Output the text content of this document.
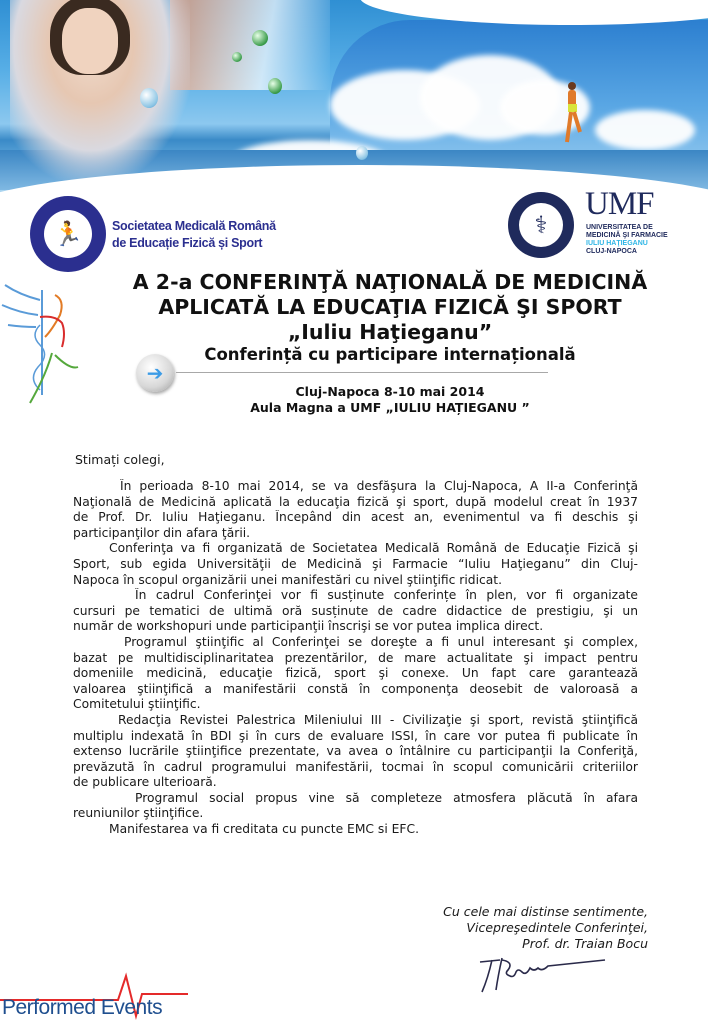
🏃	Societatea Medicală Română
de Educație Fizică și Sport
⚕
UMF
UNIVERSITATEA DE
MEDICINĂ ŞI FARMACIE
IULIU HAŢIEGANU
CLUJ-NAPOCA
A 2-a CONFERINŢĂ NAŢIONALĂ DE MEDICINĂ
APLICATĂ LA EDUCAŢIA FIZICĂ ŞI SPORT
„Iuliu Haţieganu”
Conferință cu participare internațională
➔
Cluj-Napoca 8-10 mai 2014
Aula Magna a UMF „IULIU HAȚIEGANU ”
Stimați colegi,
În perioada 8-10 mai 2014, se va desfăşura la Cluj-Napoca, A II-a Conferinţă
Naţională de Medicină aplicată la educaţia fizică şi sport, după modelul creat în 1937
de Prof. Dr. Iuliu Haţieganu. Începând din acest an, evenimentul va fi deschis şi
participanţilor din afara ţării.
Conferinţa va fi organizată de Societatea Medicală Română de Educaţie Fizică şi
Sport, sub egida Universităţii de Medicină şi Farmacie “Iuliu Haţieganu” din Cluj-
Napoca în scopul organizării unei manifestări cu nivel ştiinţific ridicat.
În cadrul Conferinţei vor fi susținute conferințe în plen, vor fi organizate
cursuri pe tematici de ultimă oră susținute de cadre didactice de prestigiu, şi un
număr de workshopuri unde participanţii înscrişi se vor putea implica direct.
Programul ştiinţific al Conferinţei se doreşte a fi unul interesant şi complex,
bazat pe multidisciplinaritatea prezentărilor, de mare actualitate şi impact pentru
domeniile medicină, educaţie fizică, sport şi conexe. Un fapt care garantează
valoarea ştiinţifică a manifestării constă în componenţa deosebit de valoroasă a
Comitetului ştiinţific.
Redacţia Revistei Palestrica Mileniului III - Civilizaţie şi sport, revistă ştiinţifică
multiplu indexată în BDI şi în curs de evaluare ISSI, în care vor putea fi publicate în
extenso lucrările ştiinţifice prezentate, va avea o întâlnire cu participanţii la Conferiţă,
prevăzută în cadrul programului manifestării, tocmai în scopul comunicării criteriilor
de publicare ulterioară.
Programul social propus vine să completeze atmosfera plăcută în afara
reuniunilor ştiinţifice.
Manifestarea va fi creditata cu puncte EMC si EFC.
Cu cele mai distinse sentimente,
Vicepreşedintele Conferinţei,
Prof. dr. Traian Bocu
Performed Events
